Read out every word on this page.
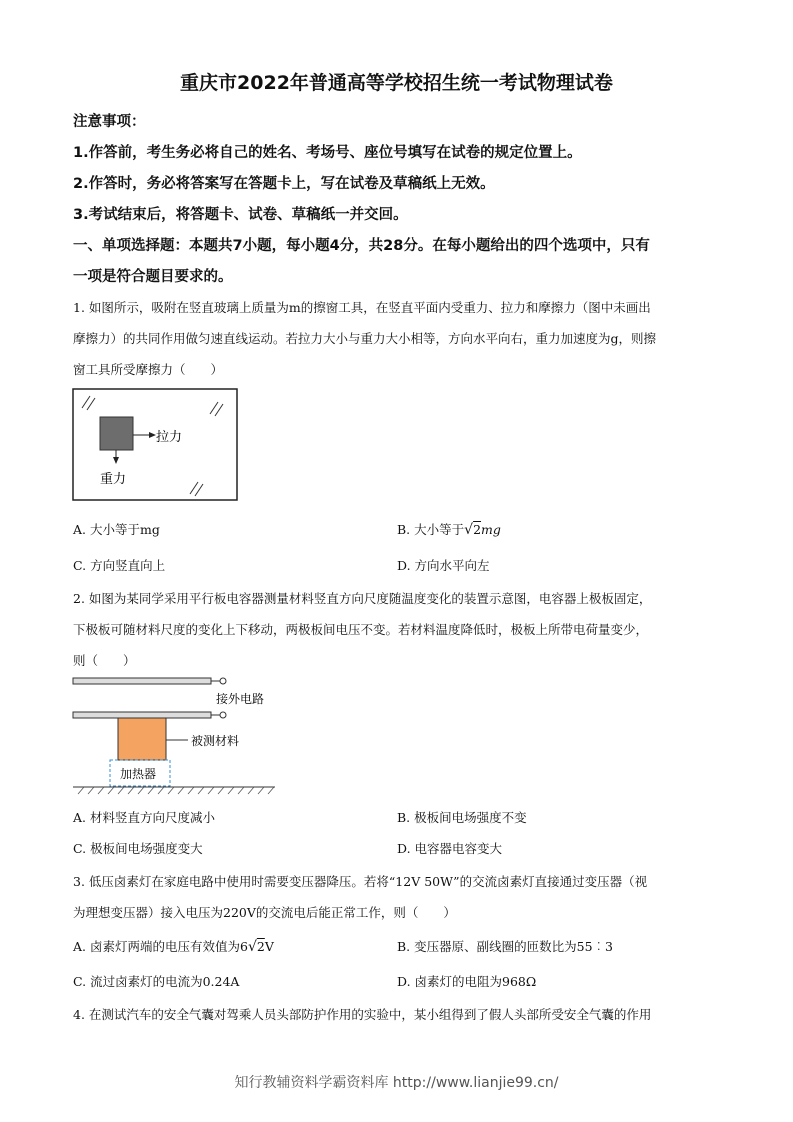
重庆市2022年普通高等学校招生统一考试物理试卷
注意事项：
1.作答前，考生务必将自己的姓名、考场号、座位号填写在试卷的规定位置上。
2.作答时，务必将答案写在答题卡上，写在试卷及草稿纸上无效。
3.考试结束后，将答题卡、试卷、草稿纸一并交回。
一、单项选择题：本题共7小题，每小题4分，共28分。在每小题给出的四个选项中，只有
一项是符合题目要求的。
1. 如图所示，吸附在竖直玻璃上质量为m的擦窗工具，在竖直平面内受重力、拉力和摩擦力（图中未画出
摩擦力）的共同作用做匀速直线运动。若拉力大小与重力大小相等，方向水平向右，重力加速度为g，则擦
窗工具所受摩擦力（　　）
拉力
重力
A. 大小等于mg	B. 大小等于√2mg
C. 方向竖直向上	D. 方向水平向左
2. 如图为某同学采用平行板电容器测量材料竖直方向尺度随温度变化的装置示意图，电容器上极板固定，
下极板可随材料尺度的变化上下移动，两极板间电压不变。若材料温度降低时，极板上所带电荷量变少，
则（　　）
接外电路
被测材料
加热器
A. 材料竖直方向尺度减小	B. 极板间电场强度不变
C. 极板间电场强度变大	D. 电容器电容变大
3. 低压卤素灯在家庭电路中使用时需要变压器降压。若将“12V 50W”的交流卤素灯直接通过变压器（视
为理想变压器）接入电压为220V的交流电后能正常工作，则（　　）
A. 卤素灯两端的电压有效值为6√2V	B. 变压器原、副线圈的匝数比为55︰3
C. 流过卤素灯的电流为0.24A	D. 卤素灯的电阻为968Ω
4. 在测试汽车的安全气囊对驾乘人员头部防护作用的实验中，某小组得到了假人头部所受安全气囊的作用
知行教辅资料学霸资料库 http://www.lianjie99.cn/
